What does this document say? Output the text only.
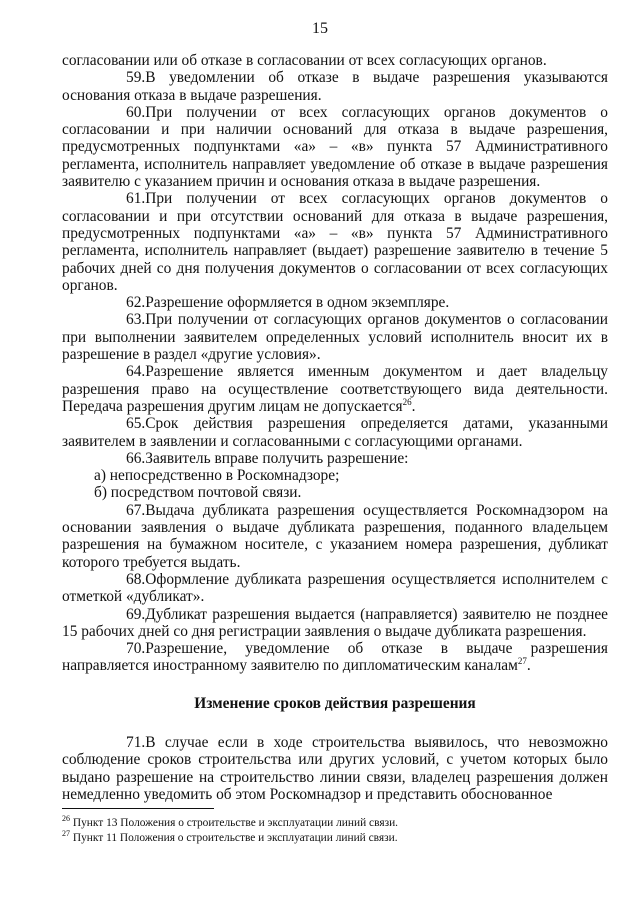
15

согласовании или об отказе в согласовании от всех согласующих органов.

59.В уведомлении об отказе в выдаче разрешения указываются основания отказа в выдаче разрешения.

60.При получении от всех согласующих органов документов о согласовании и при наличии оснований для отказа в выдаче разрешения, предусмотренных подпунктами «а» – «в» пункта 57 Административного регламента, исполнитель направляет уведомление об отказе в выдаче разрешения заявителю с указанием причин и основания отказа в выдаче разрешения.

61.При получении от всех согласующих органов документов о согласовании и при отсутствии оснований для отказа в выдаче разрешения, предусмотренных подпунктами «а» – «в» пункта 57 Административного регламента, исполнитель направляет (выдает) разрешение заявителю в течение 5 рабочих дней со дня получения документов о согласовании от всех согласующих органов.

62.Разрешение оформляется в одном экземпляре.

63.При получении от согласующих органов документов о согласовании при выполнении заявителем определенных условий исполнитель вносит их в разрешение в раздел «другие условия».

64.Разрешение является именным документом и дает владельцу разрешения право на осуществление соответствующего вида деятельности. Передача разрешения другим лицам не допускается$^{26}$.

65.Срок действия разрешения определяется датами, указанными заявителем в заявлении и согласованными с согласующими органами.

66.Заявитель вправе получить разрешение:

а) непосредственно в Роскомнадзоре;

б) посредством почтовой связи.

67.Выдача дубликата разрешения осуществляется Роскомнадзором на основании заявления о выдаче дубликата разрешения, поданного владельцем разрешения на бумажном носителе, с указанием номера разрешения, дубликат которого требуется выдать.

68.Оформление дубликата разрешения осуществляется исполнителем с отметкой «дубликат».

69.Дубликат разрешения выдается (направляется) заявителю не позднее 15 рабочих дней со дня регистрации заявления о выдаче дубликата разрешения.

70.Разрешение, уведомление об отказе в выдаче разрешения направляется иностранному заявителю по дипломатическим каналам$^{27}$.

Изменение сроков действия разрешения

71.В случае если в ходе строительства выявилось, что невозможно соблюдение сроков строительства или других условий, с учетом которых было выдано разрешение на строительство линии связи, владелец разрешения должен немедленно уведомить об этом Роскомнадзор и представить обоснованное

$^{26}$ Пункт 13 Положения о строительстве и эксплуатации линий связи.

$^{27}$ Пункт 11 Положения о строительстве и эксплуатации линий связи.
